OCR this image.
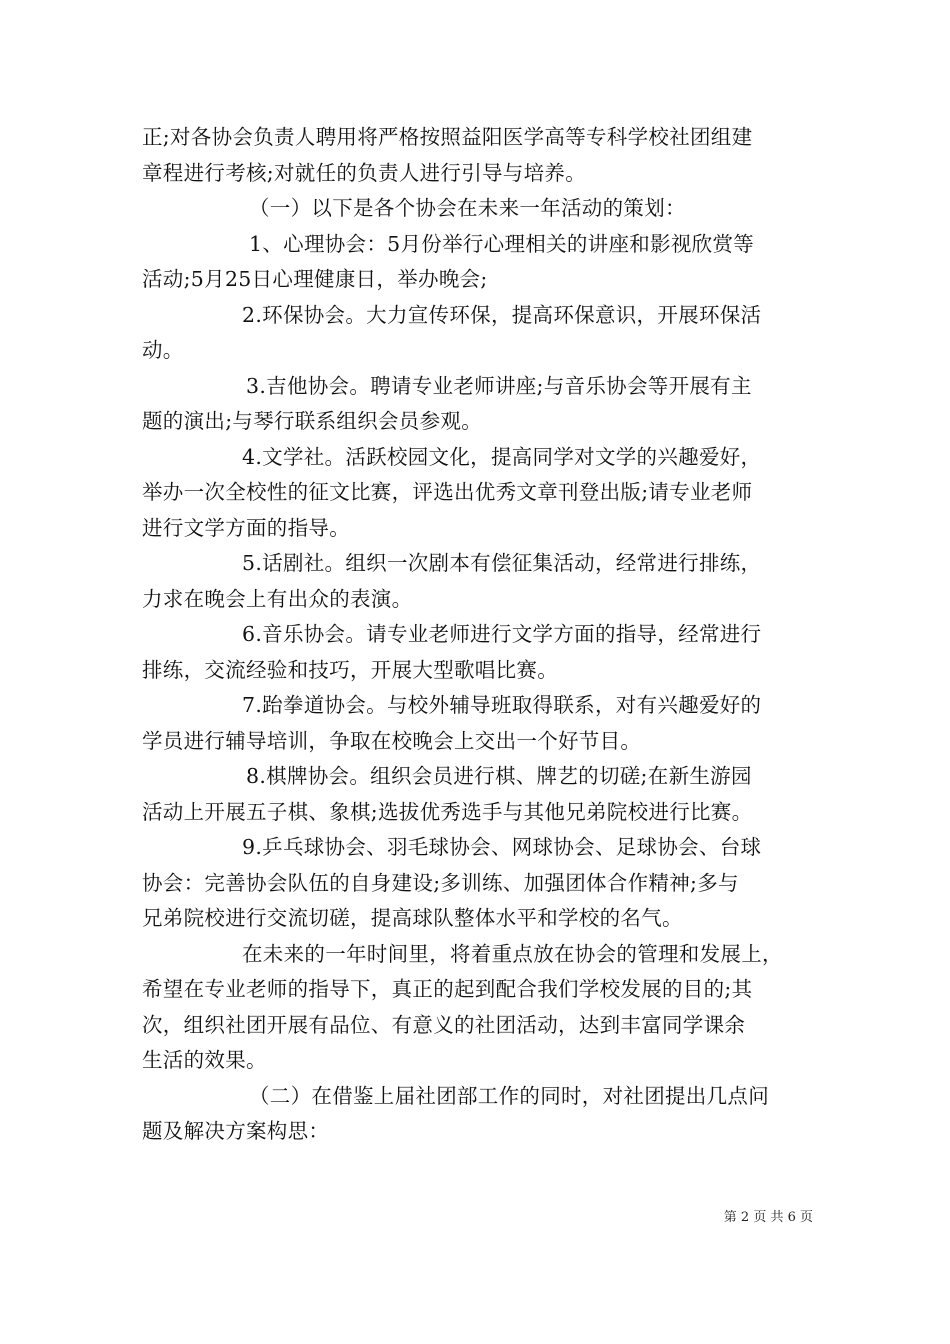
正;对各协会负责人聘用将严格按照益阳医学高等专科学校社团组建
章程进行考核;对就任的负责人进行引导与培养。

（一）以下是各个协会在未来一年活动的策划：

1、心理协会：5月份举行心理相关的讲座和影视欣赏等
活动;5月25日心理健康日，举办晚会;

2.环保协会。大力宣传环保，提高环保意识，开展环保活
动。

3.吉他协会。聘请专业老师讲座;与音乐协会等开展有主
题的演出;与琴行联系组织会员参观。

4.文学社。活跃校园文化，提高同学对文学的兴趣爱好，
举办一次全校性的征文比赛，评选出优秀文章刊登出版;请专业老师
进行文学方面的指导。

5.话剧社。组织一次剧本有偿征集活动，经常进行排练，
力求在晚会上有出众的表演。

6.音乐协会。请专业老师进行文学方面的指导，经常进行
排练，交流经验和技巧，开展大型歌唱比赛。

7.跆拳道协会。与校外辅导班取得联系，对有兴趣爱好的
学员进行辅导培训，争取在校晚会上交出一个好节目。

8.棋牌协会。组织会员进行棋、牌艺的切磋;在新生游园
活动上开展五子棋、象棋;选拔优秀选手与其他兄弟院校进行比赛。

9.乒乓球协会、羽毛球协会、网球协会、足球协会、台球
协会：完善协会队伍的自身建设;多训练、加强团体合作精神;多与
兄弟院校进行交流切磋，提高球队整体水平和学校的名气。

在未来的一年时间里，将着重点放在协会的管理和发展上，
希望在专业老师的指导下，真正的起到配合我们学校发展的目的;其
次，组织社团开展有品位、有意义的社团活动，达到丰富同学课余
生活的效果。

（二）在借鉴上届社团部工作的同时，对社团提出几点问
题及解决方案构思：

第 2 页 共 6 页
